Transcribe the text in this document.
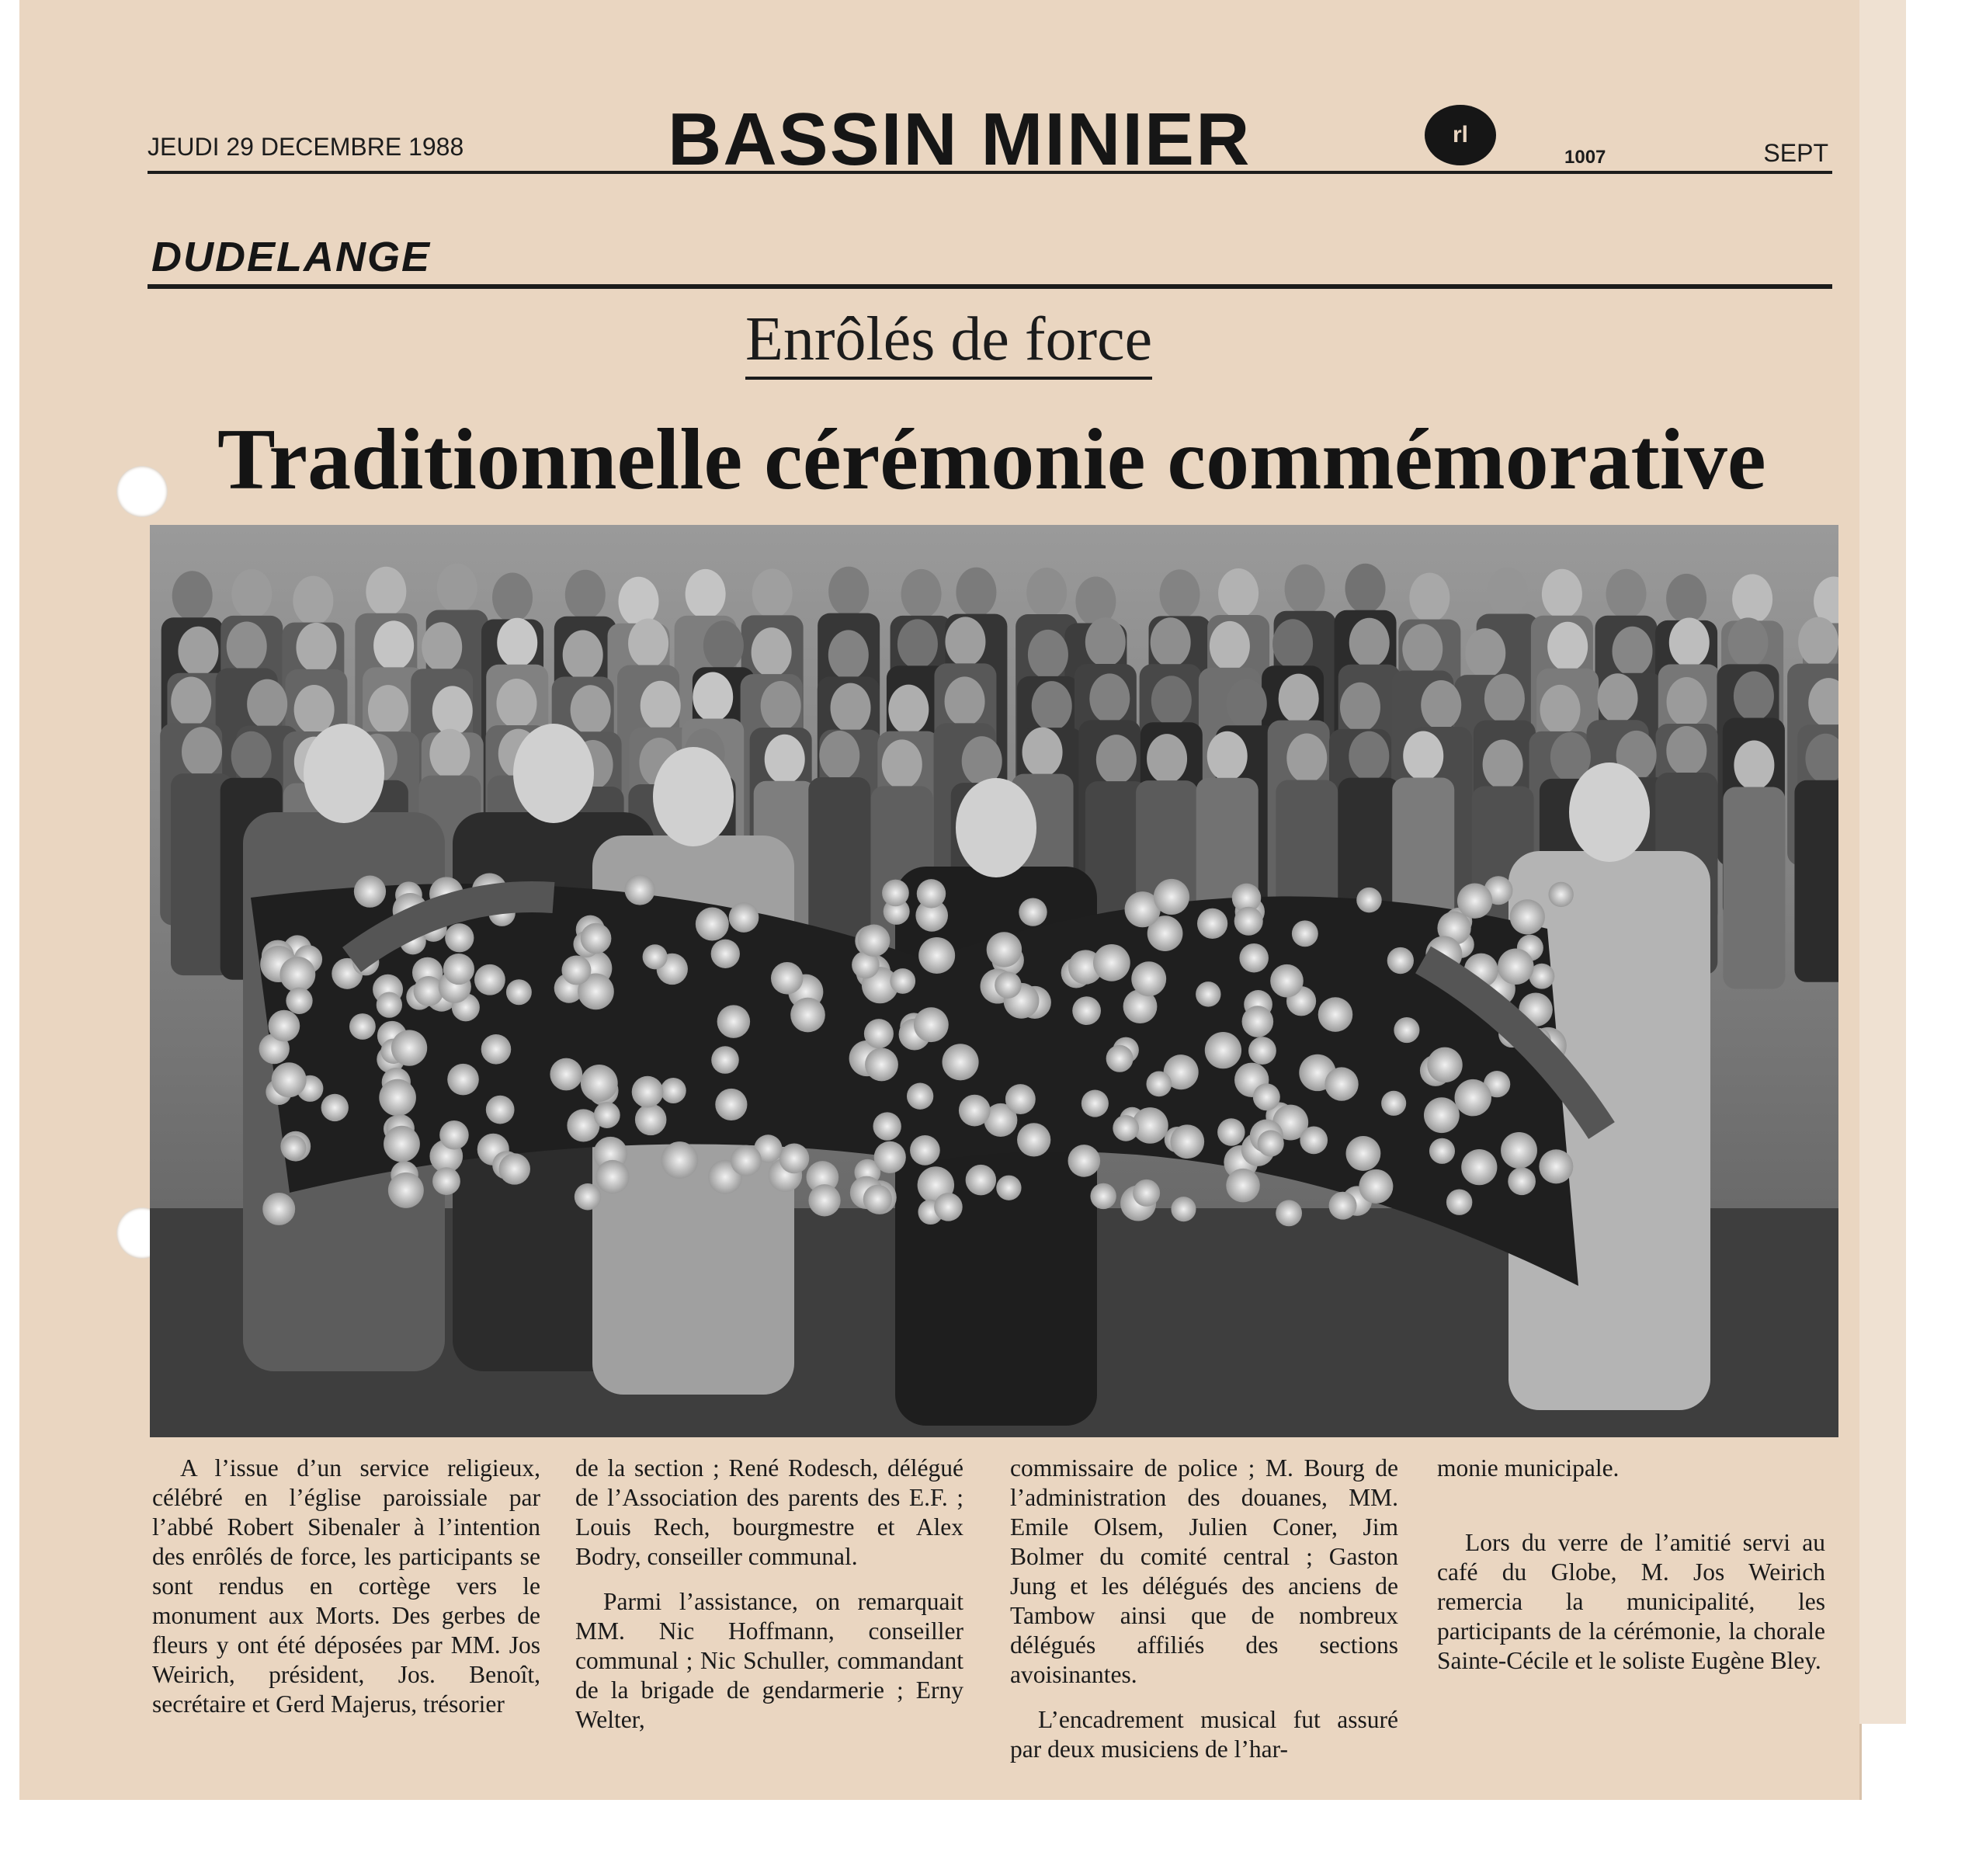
JEUDI 29 DECEMBRE 1988	BASSIN MINIER	rl
1007	SEPT
DUDELANGE
Enrôlés de force
Traditionnelle cérémonie commémorative

A l’issue d’un service religieux, célébré en l’église paroissiale par l’abbé Robert Sibenaler à l’intention des enrôlés de force, les participants se sont rendus en cortège vers le monument aux Morts. Des gerbes de fleurs y ont été déposées par MM. Jos Weirich, président, Jos. Benoît, secrétaire et Gerd Majerus, trésorier

de la section ; René Rodesch, délégué de l’Association des parents des E.F. ; Louis Rech, bourgmestre et Alex Bodry, conseiller communal.

Parmi l’assistance, on remarquait MM. Nic Hoffmann, conseiller communal ; Nic Schuller, commandant de la brigade de gendarmerie ; Erny Welter,

commissaire de police ; M. Bourg de l’administration des douanes, MM. Emile Olsem, Julien Coner, Jim Bolmer du comité central ; Gaston Jung et les délégués des anciens de Tambow ainsi que de nombreux délégués affiliés des sections avoisinantes.

L’encadrement musical fut assuré par deux musiciens de l’har-

monie municipale.

Lors du verre de l’amitié servi au café du Globe, M. Jos Weirich remercia la municipalité, les participants de la cérémonie, la chorale Sainte-Cécile et le soliste Eugène Bley.
